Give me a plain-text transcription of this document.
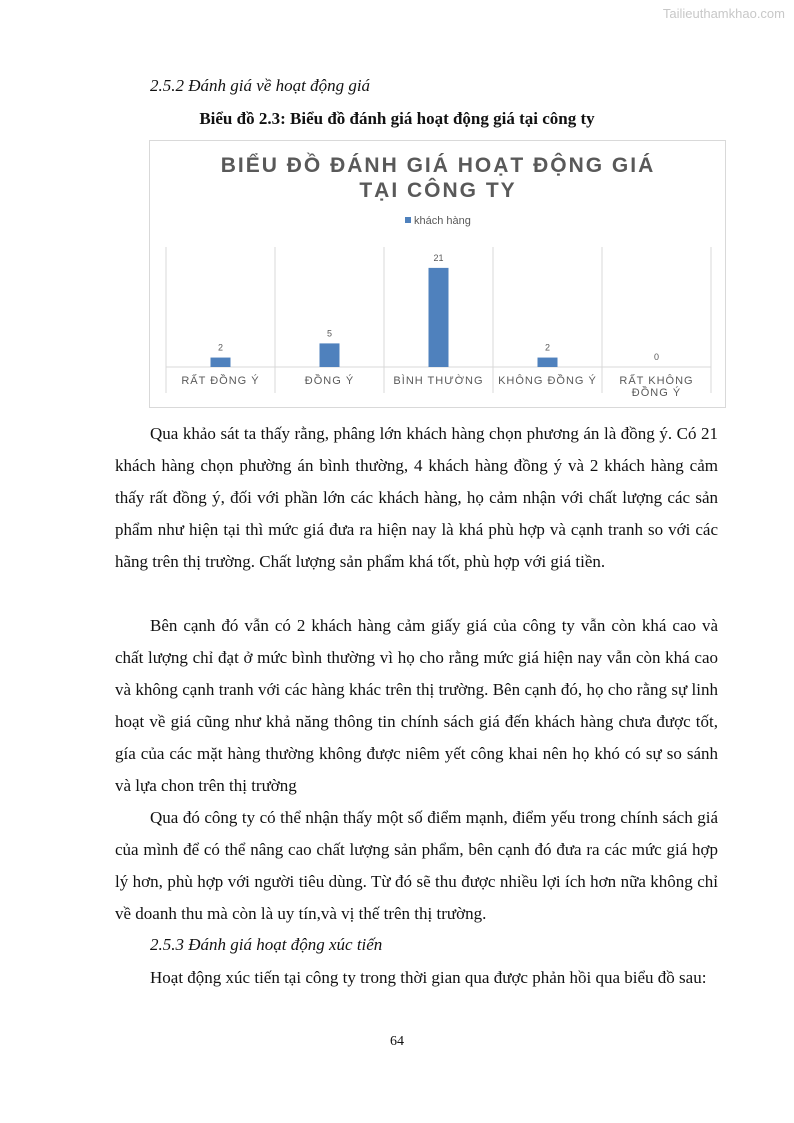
Tailieuthamkhao.com
2.5.2 Đánh giá về hoạt động giá
Biểu đồ 2.3: Biểu đồ đánh giá hoạt động giá tại công ty
BIỂU ĐỒ ĐÁNH GIÁ HOẠT ĐỘNG GIÁ
TẠI CÔNG TY
khách hàng
2
RẤT ĐỒNG Ý
5
ĐỒNG Ý
21
BÌNH THƯỜNG
2
KHÔNG ĐỒNG Ý
0
RẤT KHÔNG
ĐỒNG Ý

Qua khảo sát ta thấy rằng, phâng lớn khách hàng chọn phương án là đồng ý. Có 21 khách hàng chọn phường án bình thường, 4 khách hàng đồng ý và 2 khách hàng cảm thấy rất đồng ý, đối với phần lớn các khách hàng, họ cảm nhận với chất lượng các sản phẩm như hiện tại thì mức giá đưa ra hiện nay là khá phù hợp và cạnh tranh so với các hãng trên thị trường. Chất lượng sản phẩm khá tốt, phù hợp với giá tiền.

Bên cạnh đó vẫn có 2 khách hàng cảm giấy giá của công ty vẫn còn khá cao và chất lượng chỉ đạt ở mức bình thường vì họ cho rằng mức giá hiện nay vẫn còn khá cao và không cạnh tranh với các hàng khác trên thị trường. Bên cạnh đó, họ cho rằng sự linh hoạt về giá cũng như khả năng thông tin chính sách giá đến khách hàng chưa được tốt, gía của các mặt hàng thường không được niêm yết công khai nên họ khó có sự so sánh và lựa chon trên thị trường

Qua đó công ty có thể nhận thấy một số điểm mạnh, điểm yếu trong chính sách giá của mình để có thể nâng cao chất lượng sản phẩm, bên cạnh đó đưa ra các mức giá hợp lý hơn, phù hợp với người tiêu dùng. Từ đó sẽ thu được nhiều lợi ích hơn nữa không chỉ về doanh thu mà còn là uy tín,và vị thế trên thị trường.

2.5.3 Đánh giá hoạt động xúc tiến

Hoạt động xúc tiến tại công ty trong thời gian qua được phản hồi qua biểu đồ sau:

64
